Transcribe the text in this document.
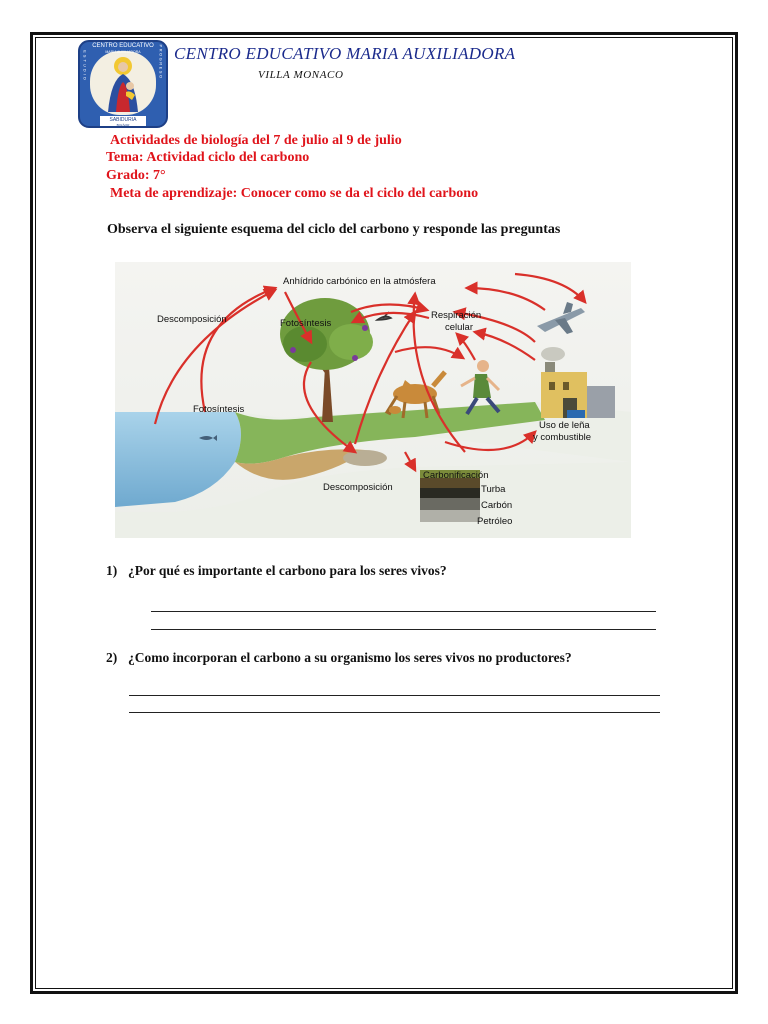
CENTRO EDUCATIVO
MARIA AUXILIADORA
ESTUDIO	PROGRESO
SABIDURIA
BOLÍVAR
CENTRO EDUCATIVO MARIA AUXILIADORA
VILLA MONACO
Actividades de biología del 7 de julio al 9 de julio
Tema: Actividad ciclo del carbono
Grado: 7°
Meta de aprendizaje: Conocer como se da el ciclo del carbono
Observa el siguiente esquema del ciclo del carbono y responde las preguntas
Anhídrido carbónico en la atmósfera
Descomposición	Fotosíntesis
Respiración
celular
Fotosíntesis
Uso de leña
y combustible
Descomposición
Carbonificación
Turba
Carbón
Petróleo
1) ¿Por qué es importante el carbono para los seres vivos?
2) ¿Como incorporan el carbono a su organismo los seres vivos no productores?
